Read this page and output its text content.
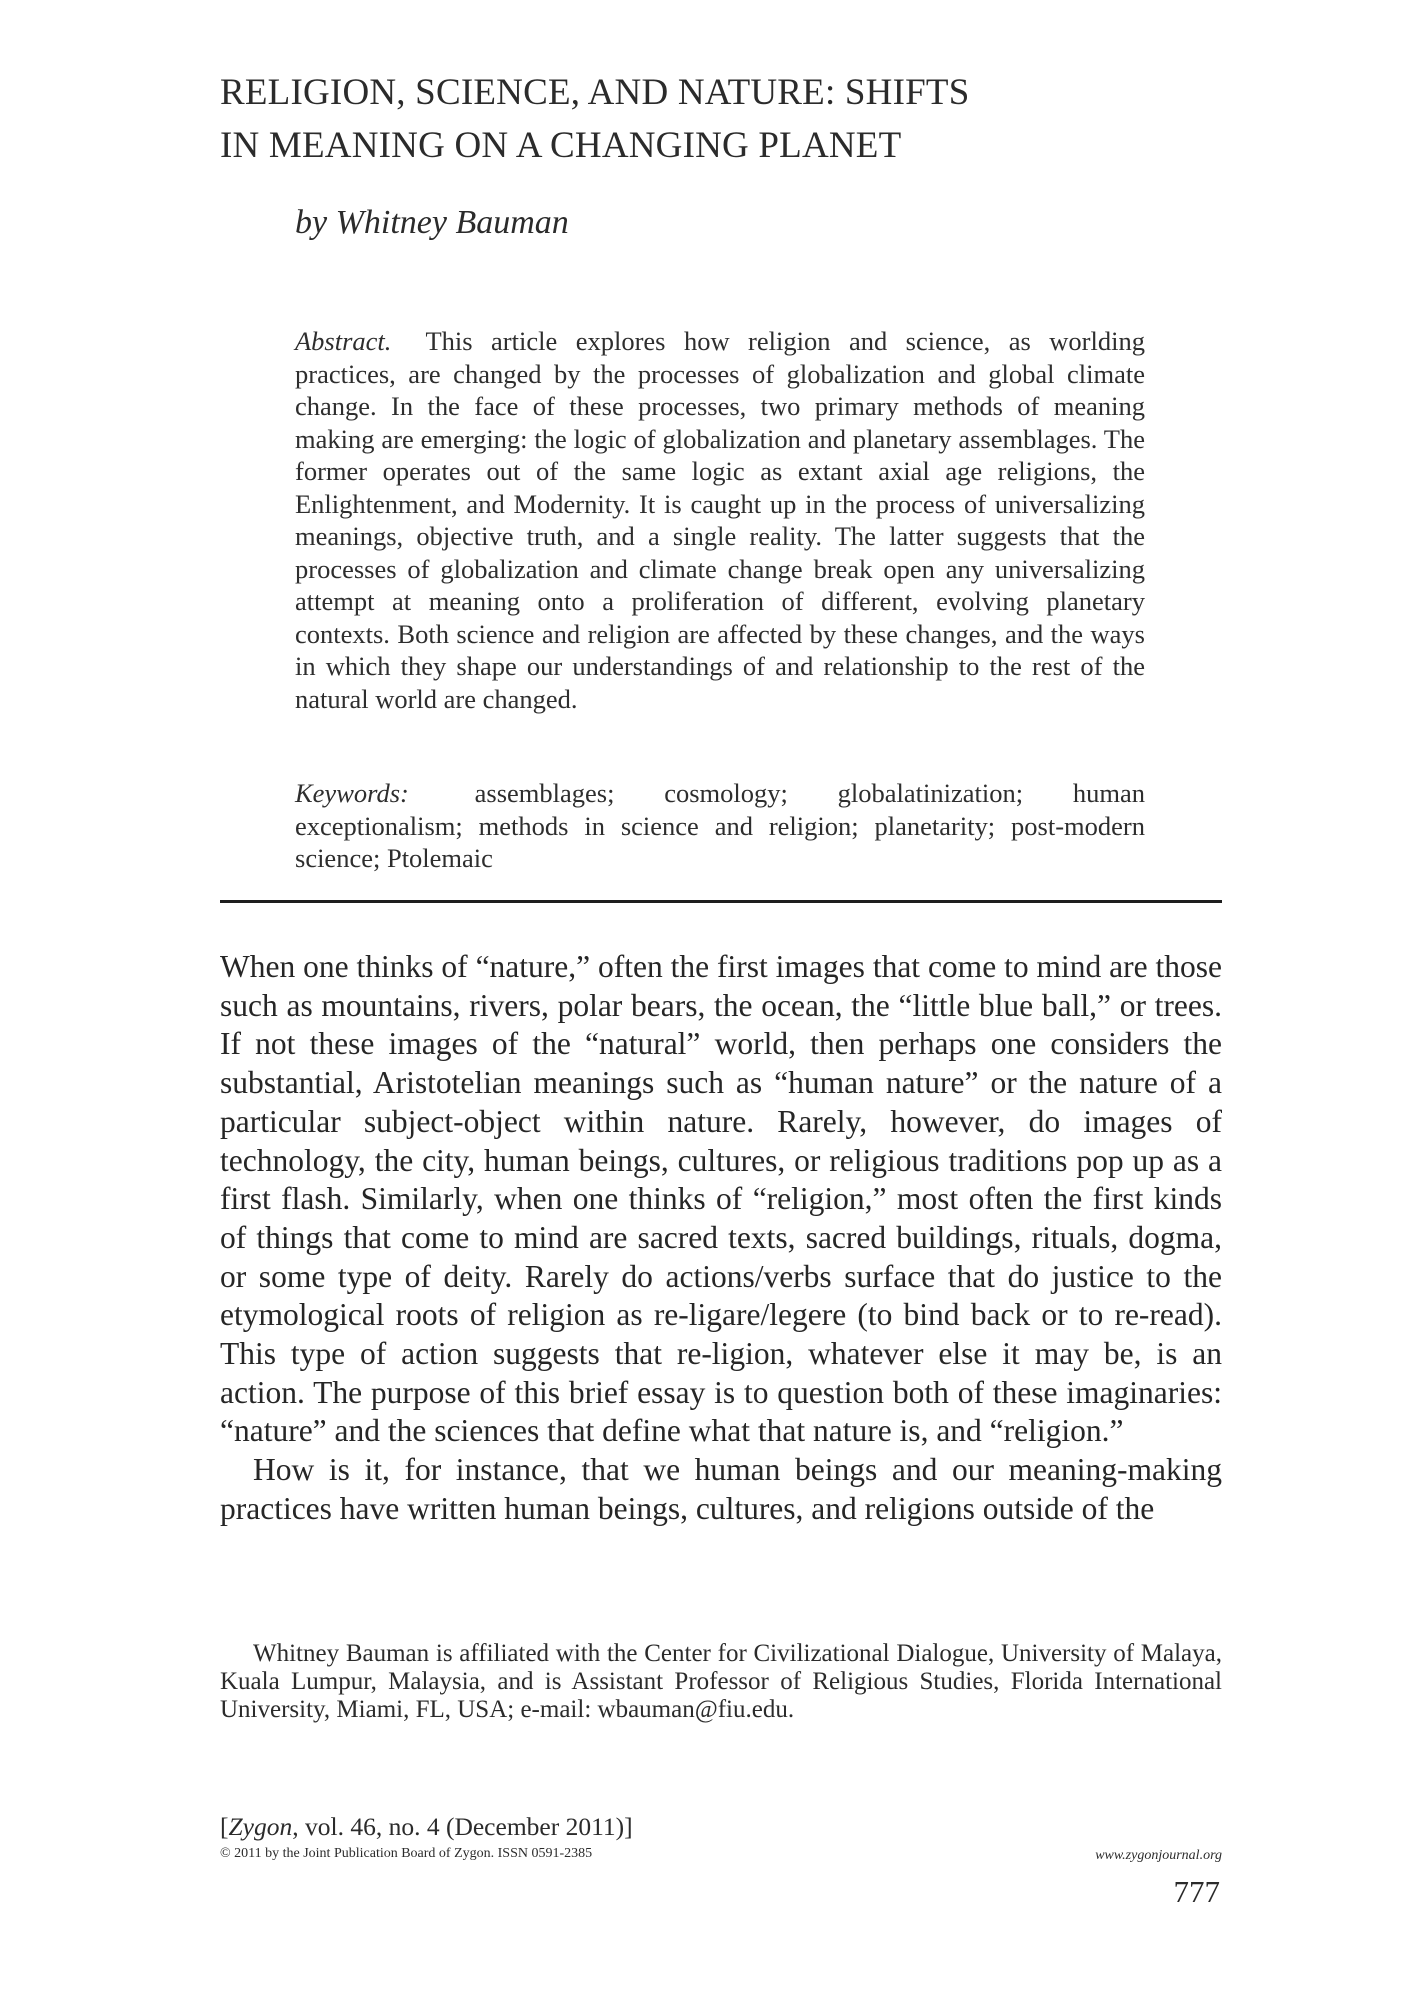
RELIGION, SCIENCE, AND NATURE: SHIFTS
IN MEANING ON A CHANGING PLANET
by Whitney Bauman

Abstract. This article explores how religion and science, as worlding practices, are changed by the processes of globalization and global climate change. In the face of these processes, two primary methods of meaning making are emerging: the logic of globalization and planetary assemblages. The former operates out of the same logic as extant axial age religions, the Enlightenment, and Modernity. It is caught up in the process of universalizing meanings, objective truth, and a single reality. The latter suggests that the processes of globalization and climate change break open any universalizing attempt at meaning onto a proliferation of different, evolving planetary contexts. Both science and religion are affected by these changes, and the ways in which they shape our understandings of and relationship to the rest of the natural world are changed.

Keywords: assemblages; cosmology; globalatinization; human exceptionalism; methods in science and religion; planetarity; post-modern science; Ptolemaic

When one thinks of “nature,” often the first images that come to mind are those such as mountains, rivers, polar bears, the ocean, the “little blue ball,” or trees. If not these images of the “natural” world, then perhaps one considers the substantial, Aristotelian meanings such as “human nature” or the nature of a particular subject-object within nature. Rarely, however, do images of technology, the city, human beings, cultures, or religious traditions pop up as a first flash. Similarly, when one thinks of “religion,” most often the first kinds of things that come to mind are sacred texts, sacred buildings, rituals, dogma, or some type of deity. Rarely do actions/verbs surface that do justice to the etymological roots of religion as re-ligare/legere (to bind back or to re-read). This type of action suggests that re-ligion, whatever else it may be, is an action. The purpose of this brief essay is to question both of these imaginaries: “nature” and the sciences that define what that nature is, and “religion.”

How is it, for instance, that we human beings and our meaning-making practices have written human beings, cultures, and religions outside of the

Whitney Bauman is affiliated with the Center for Civilizational Dialogue, University of Malaya, Kuala Lumpur, Malaysia, and is Assistant Professor of Religious Studies, Florida International University, Miami, FL, USA; e-mail: wbauman@fiu.edu.

[Zygon, vol. 46, no. 4 (December 2011)]
© 2011 by the Joint Publication Board of Zygon. ISSN 0591-2385	www.zygonjournal.org
777
